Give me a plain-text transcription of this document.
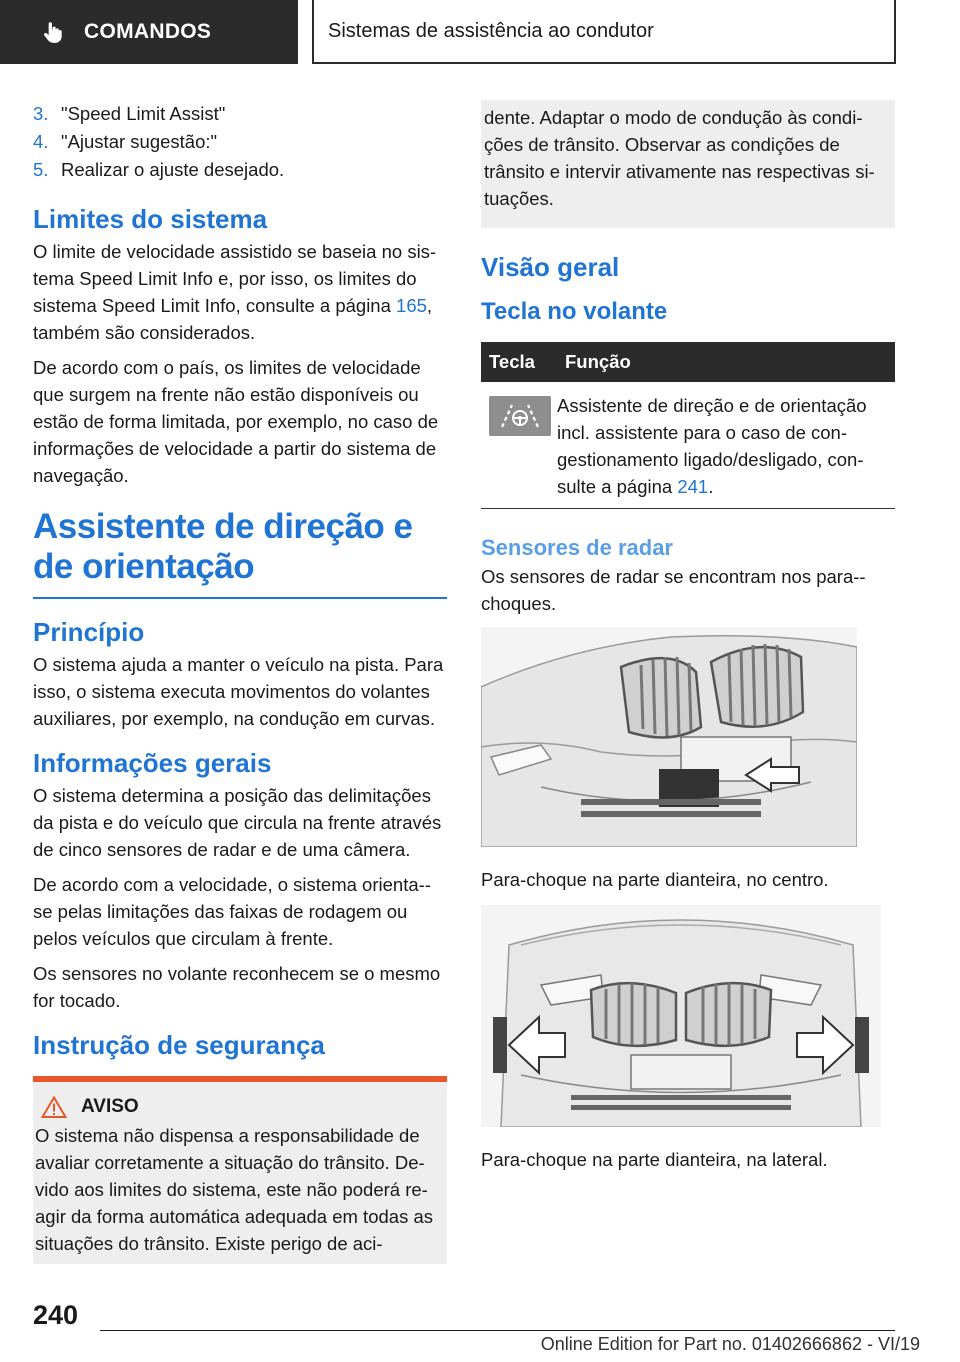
COMANDOS	Sistemas de assistência ao condutor
3. "Speed Limit Assist"
4. "Ajustar sugestão:"
5. Realizar o ajuste desejado.
Limites do sistema

O limite de velocidade assistido se baseia no sis-tema Speed Limit Info e, por isso, os limites do sistema Speed Limit Info, consulte a página 165, também são considerados.

De acordo com o país, os limites de velocidade que surgem na frente não estão disponíveis ou estão de forma limitada, por exemplo, no caso de informações de velocidade a partir do sistema de navegação.

Assistente de direção e de orientação
Princípio

O sistema ajuda a manter o veículo na pista. Para isso, o sistema executa movimentos do volantes auxiliares, por exemplo, na condução em curvas.

Informações gerais

O sistema determina a posição das delimitações da pista e do veículo que circula na frente através de cinco sensores de radar e de uma câmera.

De acordo com a velocidade, o sistema orienta--se pelas limitações das faixas de rodagem ou pelos veículos que circulam à frente.

Os sensores no volante reconhecem se o mesmo for tocado.

Instrução de segurança
AVISO

O sistema não dispensa a responsabilidade de avaliar corretamente a situação do trânsito. De-vido aos limites do sistema, este não poderá re-agir da forma automática adequada em todas as situações do trânsito. Existe perigo de aci-

dente. Adaptar o modo de condução às condi-ções de trânsito. Observar as condições de trânsito e intervir ativamente nas respectivas si-tuações.
Visão geral
Tecla no volante
Tecla	Função

	Assistente de direção e de orientação incl. assistente para o caso de con-gestionamento ligado/desligado, con-sulte a página 241.
Sensores de radar

Os sensores de radar se encontram nos para--choques.

Para-choque na parte dianteira, no centro.

Para-choque na parte dianteira, na lateral.

240
Online Edition for Part no. 01402666862 - VI/19
